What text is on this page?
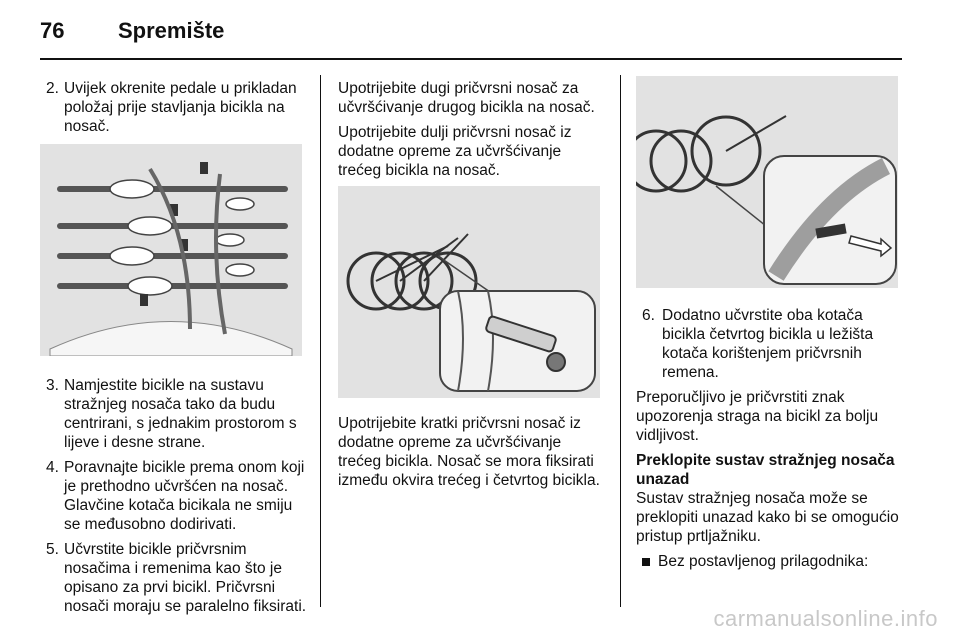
76 Spremište
2. Uvijek okrenite pedale u prikladan položaj prije stavljanja bicikla na nosač.
3. Namjestite bicikle na sustavu stražnjeg nosača tako da budu centrirani, s jednakim prostorom s lijeve i desne strane.
4. Poravnajte bicikle prema onom koji je prethodno učvršćen na nosač. Glavčine kotača bicikala ne smiju se međusobno dodirivati.
5. Učvrstite bicikle pričvrsnim nosačima i remenima kao što je opisano za prvi bicikl. Pričvrsni nosači moraju se paralelno fiksirati.

Upotrijebite dugi pričvrsni nosač za učvršćivanje drugog bicikla na nosač.

Upotrijebite dulji pričvrsni nosač iz dodatne opreme za učvršćivanje trećeg bicikla na nosač.

Upotrijebite kratki pričvrsni nosač iz dodatne opreme za učvršćivanje trećeg bicikla. Nosač se mora fiksirati između okvira trećeg i četvrtog bicikla.

6. Dodatno učvrstite oba kotača bicikla četvrtog bicikla u ležišta kotača korištenjem pričvrsnih remena.

Preporučljivo je pričvrstiti znak upozorenja straga na bicikl za bolju vidljivost.

Preklopite sustav stražnjeg nosača unazad

Sustav stražnjeg nosača može se preklopiti unazad kako bi se omogućio pristup prtljažniku.

Bez postavljenog prilagodnika:
carmanualsonline.info
